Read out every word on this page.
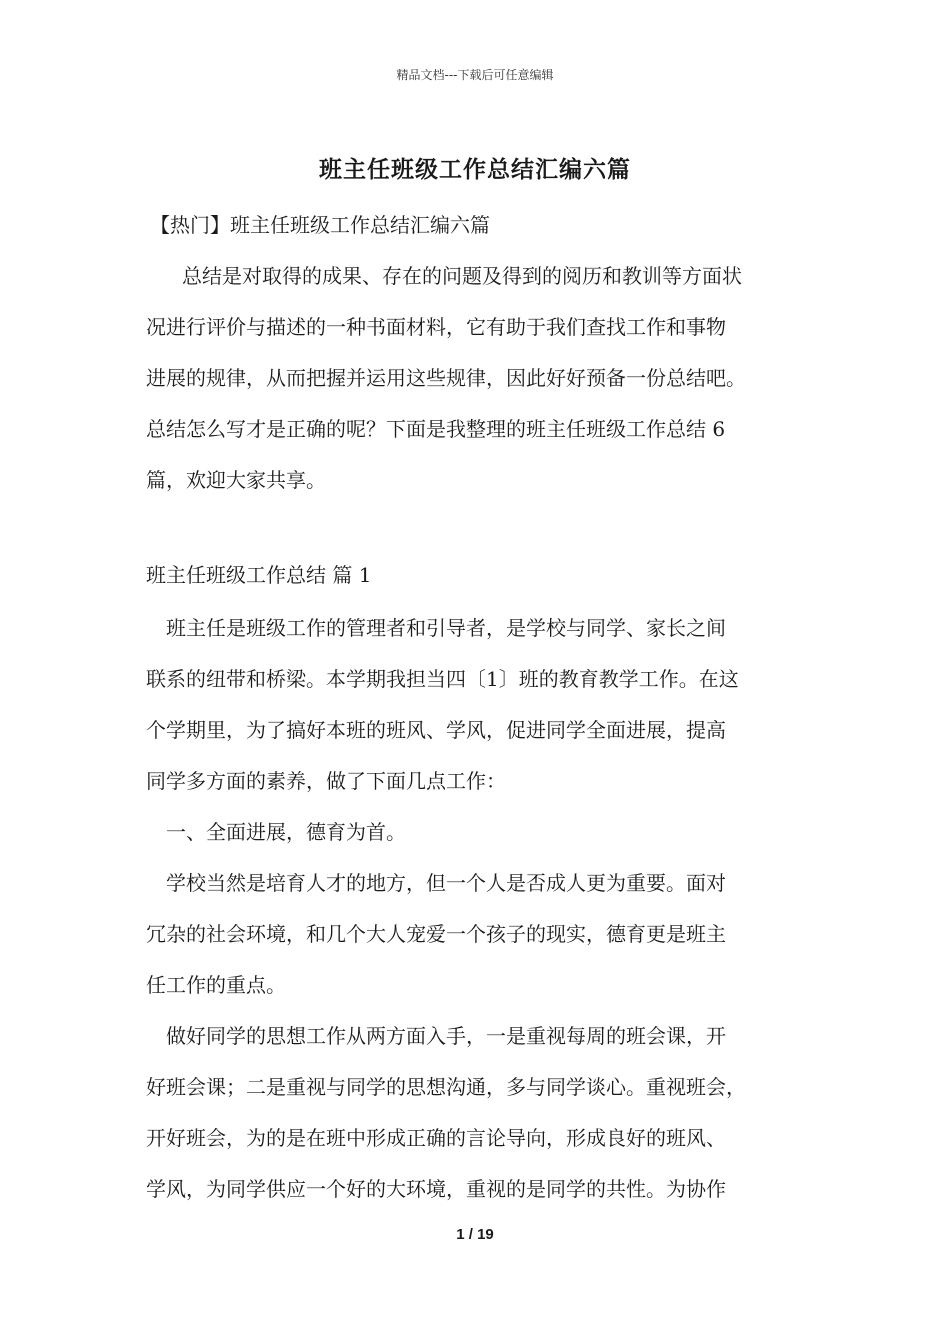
精品文档---下载后可任意编辑
班主任班级工作总结汇编六篇

【热门】班主任班级工作总结汇编六篇

总结是对取得的成果、存在的问题及得到的阅历和教训等方面状

况进行评价与描述的一种书面材料，它有助于我们查找工作和事物

进展的规律，从而把握并运用这些规律，因此好好预备一份总结吧。

总结怎么写才是正确的呢？下面是我整理的班主任班级工作总结 6

篇，欢迎大家共享。

班主任班级工作总结 篇 1

班主任是班级工作的管理者和引导者，是学校与同学、家长之间

联系的纽带和桥梁。本学期我担当四〔1〕班的教育教学工作。在这

个学期里，为了搞好本班的班风、学风，促进同学全面进展，提高

同学多方面的素养，做了下面几点工作：

一、全面进展，德育为首。

学校当然是培育人才的地方，但一个人是否成人更为重要。面对

冗杂的社会环境，和几个大人宠爱一个孩子的现实，德育更是班主

任工作的重点。

做好同学的思想工作从两方面入手，一是重视每周的班会课，开

好班会课；二是重视与同学的思想沟通，多与同学谈心。重视班会，

开好班会，为的是在班中形成正确的言论导向，形成良好的班风、

学风，为同学供应一个好的大环境，重视的是同学的共性。为协作

1 / 19
